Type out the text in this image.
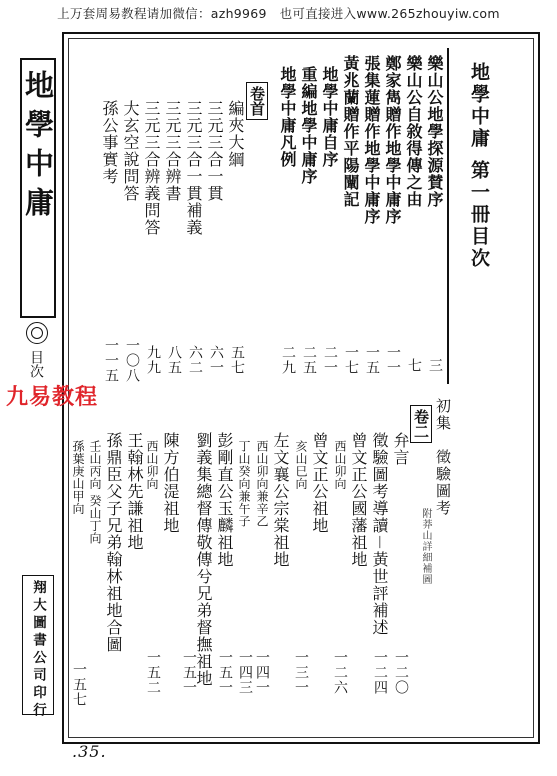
上万套周易教程请加微信：azh9969　也可直接进入www.265zhouyiw.com
地學中庸
目次
翔大圖書公司印行
九易教程
地學中庸 第一冊目次
樂山公地學探源賛序
三
樂山公自敘得傳之由
七
鄭家雋贈作地學中庸序
一一
張集蓮贈作地學中庸序
一五
黃兆蘭贈作平陽闡記
一七
地學中庸自序
二一
重編地學中庸序
二五
地學中庸凡例
二九
卷首
編夾大綱
五七
三元三合一貫
六一
三元三合一貫補義
六二
三元三合辨書
八五
三元三合辨義問答
九九
大玄空說問答
一〇八
孫公事實考
一一五
初集　徵驗圖考
附莽山詳細補圖
卷二
弁言
一二〇
徵驗圖考導讀－黃世評補述
一二四
曾文正公國藩祖地
西山卯向
一二六
曾文正公祖地
亥山巳向
一三一
左文襄公宗棠祖地
西山卯向兼辛乙
一四一
丁山癸向兼午子
一四三
彭剛直公玉麟祖地
一五一
劉義集總督傳敬傳兮兄弟督撫祖地
一五一
陳方伯湜祖地
西山卯向
一五二
王翰林先謙祖地
孫鼎臣父子兄弟翰林祖地合圖
壬山丙向 癸山丁向
孫葉庚山甲向
一五七
.35.
